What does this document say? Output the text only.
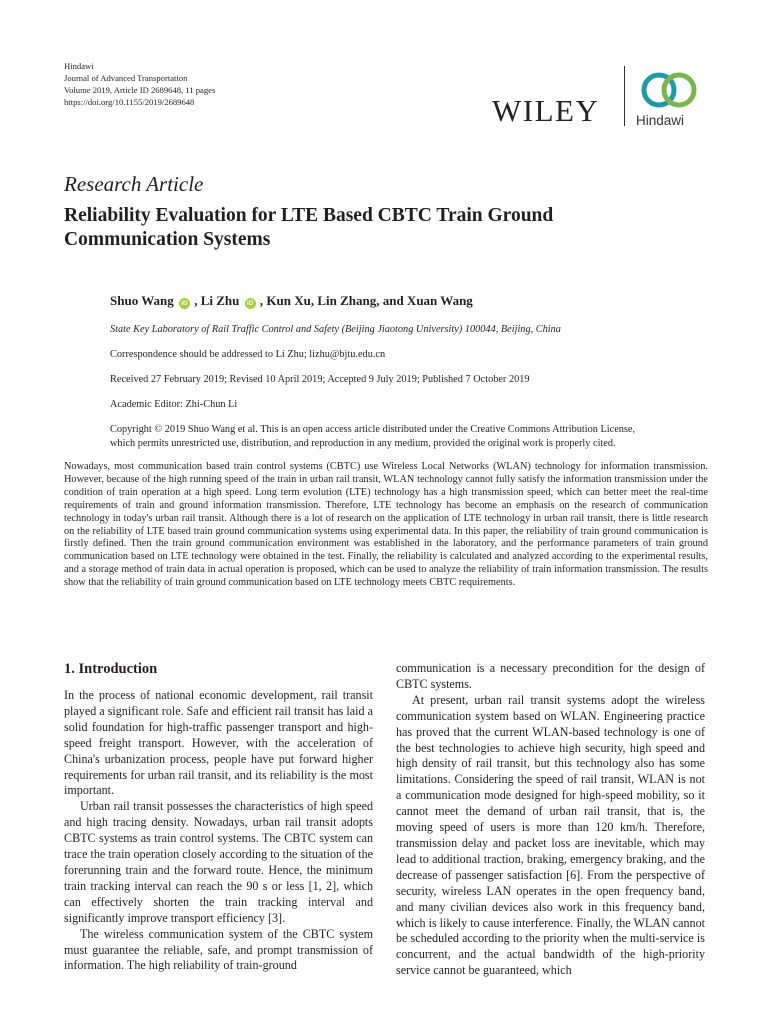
Hindawi
Journal of Advanced Transportation
Volume 2019, Article ID 2689648, 11 pages
https://doi.org/10.1155/2019/2689648	WILEY	Hindawi
Research Article
Reliability Evaluation for LTE Based CBTC Train Ground
Communication Systems
Shuo Wang iD , Li Zhu iD , Kun Xu, Lin Zhang, and Xuan Wang
State Key Laboratory of Rail Traffic Control and Safety (Beijing Jiaotong University) 100044, Beijing, China
Correspondence should be addressed to Li Zhu; lizhu@bjtu.edu.cn
Received 27 February 2019; Revised 10 April 2019; Accepted 9 July 2019; Published 7 October 2019
Academic Editor: Zhi-Chun Li
Copyright © 2019 Shuo Wang et al. This is an open access article distributed under the Creative Commons Attribution License,
which permits unrestricted use, distribution, and reproduction in any medium, provided the original work is properly cited.
Nowadays, most communication based train control systems (CBTC) use Wireless Local Networks (WLAN) technology for information transmission. However, because of the high running speed of the train in urban rail transit, WLAN technology cannot fully satisfy the information transmission under the condition of train operation at a high speed. Long term evolution (LTE) technology has a high transmission speed, which can better meet the real-time requirements of train and ground information transmission. Therefore, LTE technology has become an emphasis on the research of communication technology in today's urban rail transit. Although there is a lot of research on the application of LTE technology in urban rail transit, there is little research on the reliability of LTE based train ground communication systems using experimental data. In this paper, the reliability of train ground communication is firstly defined. Then the train ground communication environment was established in the laboratory, and the performance parameters of train ground communication based on LTE technology were obtained in the test. Finally, the reliability is calculated and analyzed according to the experimental results, and a storage method of train data in actual operation is proposed, which can be used to analyze the reliability of train information transmission. The results show that the reliability of train ground communication based on LTE technology meets CBTC requirements.
1. Introduction

In the process of national economic development, rail transit played a significant role. Safe and efficient rail transit has laid a solid foundation for high-traffic passenger transport and high-speed freight transport. However, with the acceleration of China's urbanization process, people have put forward higher requirements for urban rail transit, and its reliability is the most important.

Urban rail transit possesses the characteristics of high speed and high tracing density. Nowadays, urban rail transit adopts CBTC systems as train control systems. The CBTC system can trace the train operation closely according to the situation of the forerunning train and the forward route. Hence, the minimum train tracking interval can reach the 90 s or less [1, 2], which can effectively shorten the train tracking interval and significantly improve transport efficiency [3].

The wireless communication system of the CBTC system must guarantee the reliable, safe, and prompt transmission of information. The high reliability of train-ground

communication is a necessary precondition for the design of CBTC systems.

At present, urban rail transit systems adopt the wireless communication system based on WLAN. Engineering practice has proved that the current WLAN-based technology is one of the best technologies to achieve high security, high speed and high density of rail transit, but this technology also has some limitations. Considering the speed of rail transit, WLAN is not a communication mode designed for high-speed mobility, so it cannot meet the demand of urban rail transit, that is, the moving speed of users is more than 120 km/h. Therefore, transmission delay and packet loss are inevitable, which may lead to additional traction, braking, emergency braking, and the decrease of passenger satisfaction [6]. From the perspective of security, wireless LAN operates in the open frequency band, and many civilian devices also work in this frequency band, which is likely to cause interference. Finally, the WLAN cannot be scheduled according to the priority when the multi-service is concurrent, and the actual bandwidth of the high-priority service cannot be guaranteed, which
